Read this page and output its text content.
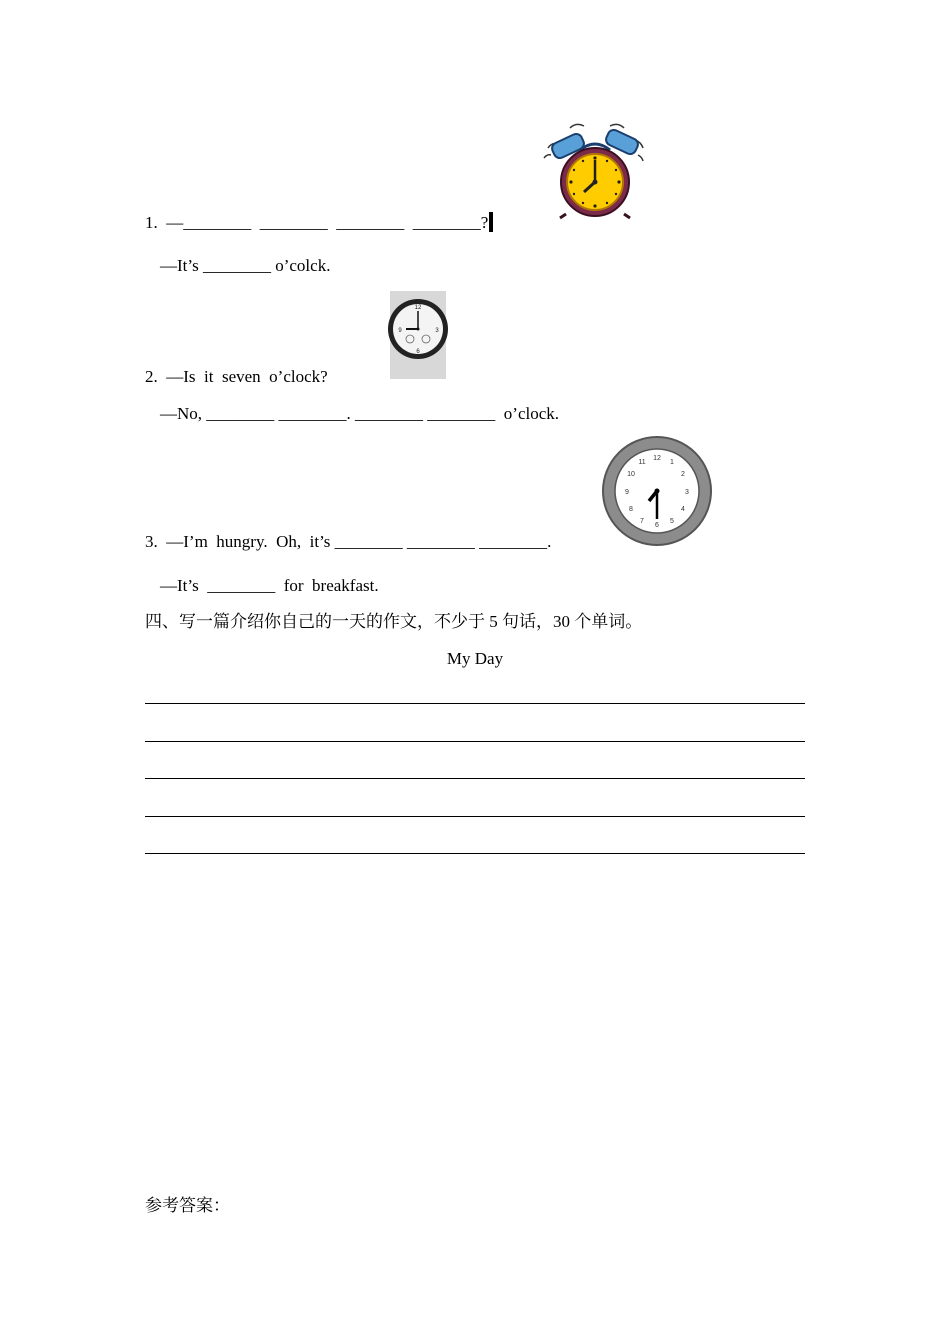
1.  —________  ________  ________  ________?
—It’s ________ o’colck.
12
3
6
9
2.  —Is  it  seven  o’clock?
—No, ________ ________. ________ ________  o’clock.
12
1
2
3
4
5
6
7
8
9
10
11
3.  —I’m  hungry.  Oh,  it’s ________ ________ ________.
—It’s  ________  for  breakfast.
四、写一篇介绍你自己的一天的作文，不少于 5 句话，30 个单词。
My Day
参考答案：
